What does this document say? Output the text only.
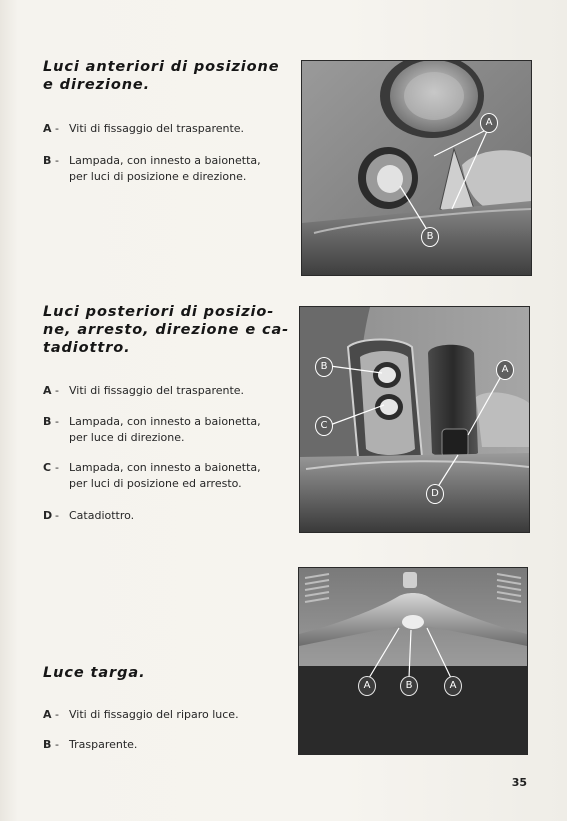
Luci anteriori di posizione
e direzione.
A - Viti di fissaggio del trasparente.
B - Lampada, con innesto a baionetta,
per luci di posizione e direzione.
A
B
Luci posteriori di posizio-
ne, arresto, direzione e ca-
tadiottro.
A - Viti di fissaggio del trasparente.
B - Lampada, con innesto a baionetta,
per luce di direzione.
C - Lampada, con innesto a baionetta,
per luci di posizione ed arresto.
D - Catadiottro.
B
C
A
D
Luce targa.
A - Viti di fissaggio del riparo luce.
B - Trasparente.
A	B	A
35
